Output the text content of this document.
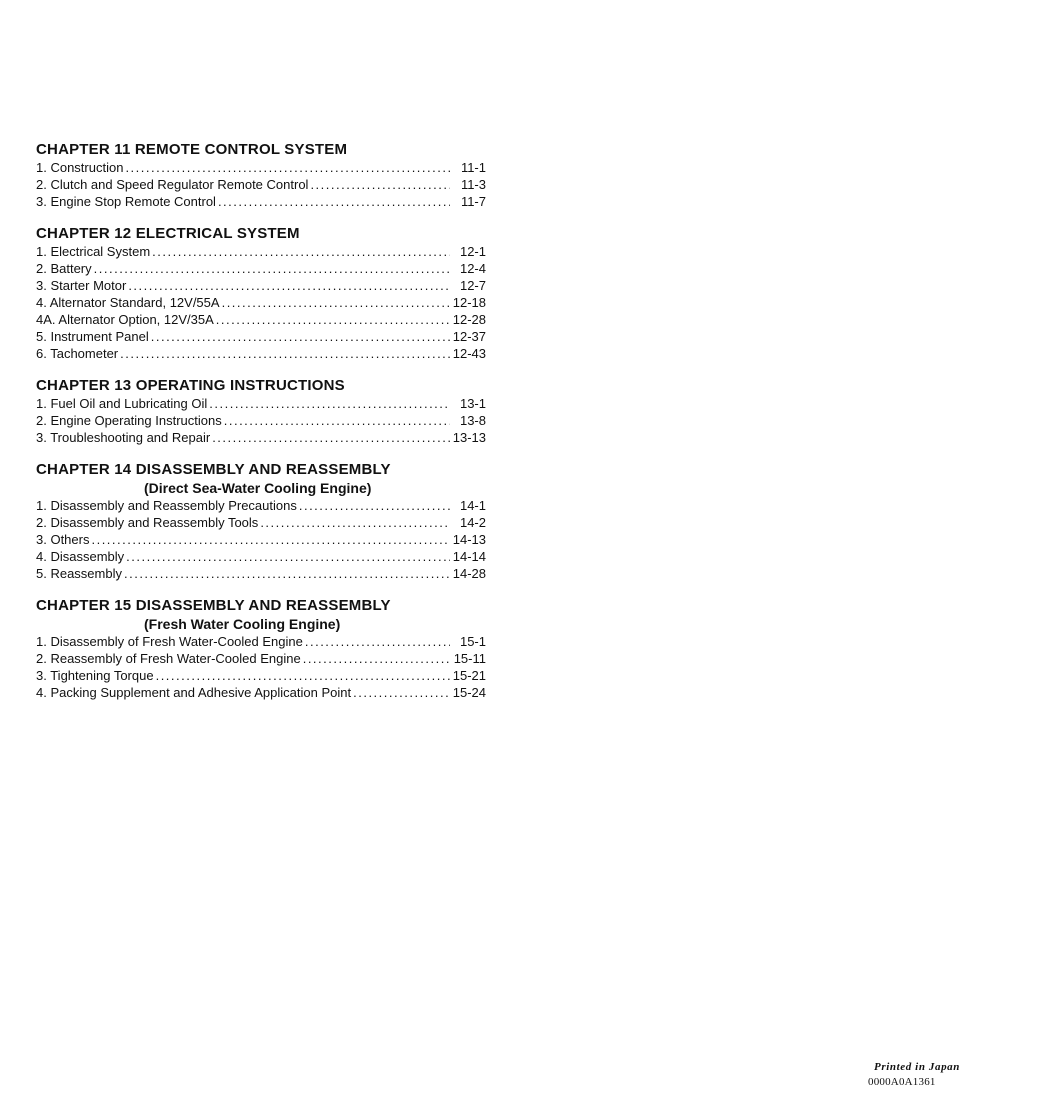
CHAPTER 11 REMOTE CONTROL SYSTEM
1. Construction .....	11-1
2. Clutch and Speed Regulator Remote Control .....	11-3
3. Engine Stop Remote Control .....	11-7
CHAPTER 12 ELECTRICAL SYSTEM
1. Electrical System .....	12-1
2. Battery .....	12-4
3. Starter Motor .....	12-7
4. Alternator Standard, 12V/55A .....	12-18
4A. Alternator Option, 12V/35A .....	12-28
5. Instrument Panel .....	12-37
6. Tachometer .....	12-43
CHAPTER 13 OPERATING INSTRUCTIONS
1. Fuel Oil and Lubricating Oil .....	13-1
2. Engine Operating Instructions .....	13-8
3. Troubleshooting and Repair .....	13-13
CHAPTER 14 DISASSEMBLY AND REASSEMBLY
(Direct Sea-Water Cooling Engine)
1. Disassembly and Reassembly Precautions .....	14-1
2. Disassembly and Reassembly Tools .....	14-2
3. Others .....	14-13
4. Disassembly .....	14-14
5. Reassembly .....	14-28
CHAPTER 15 DISASSEMBLY AND REASSEMBLY
(Fresh Water Cooling Engine)
1. Disassembly of Fresh Water-Cooled Engine .....	15-1
2. Reassembly of Fresh Water-Cooled Engine .....	15-11
3. Tightening Torque .....	15-21
4. Packing Supplement and Adhesive Application Point .....	15-24
Printed in Japan
0000A0A1361
